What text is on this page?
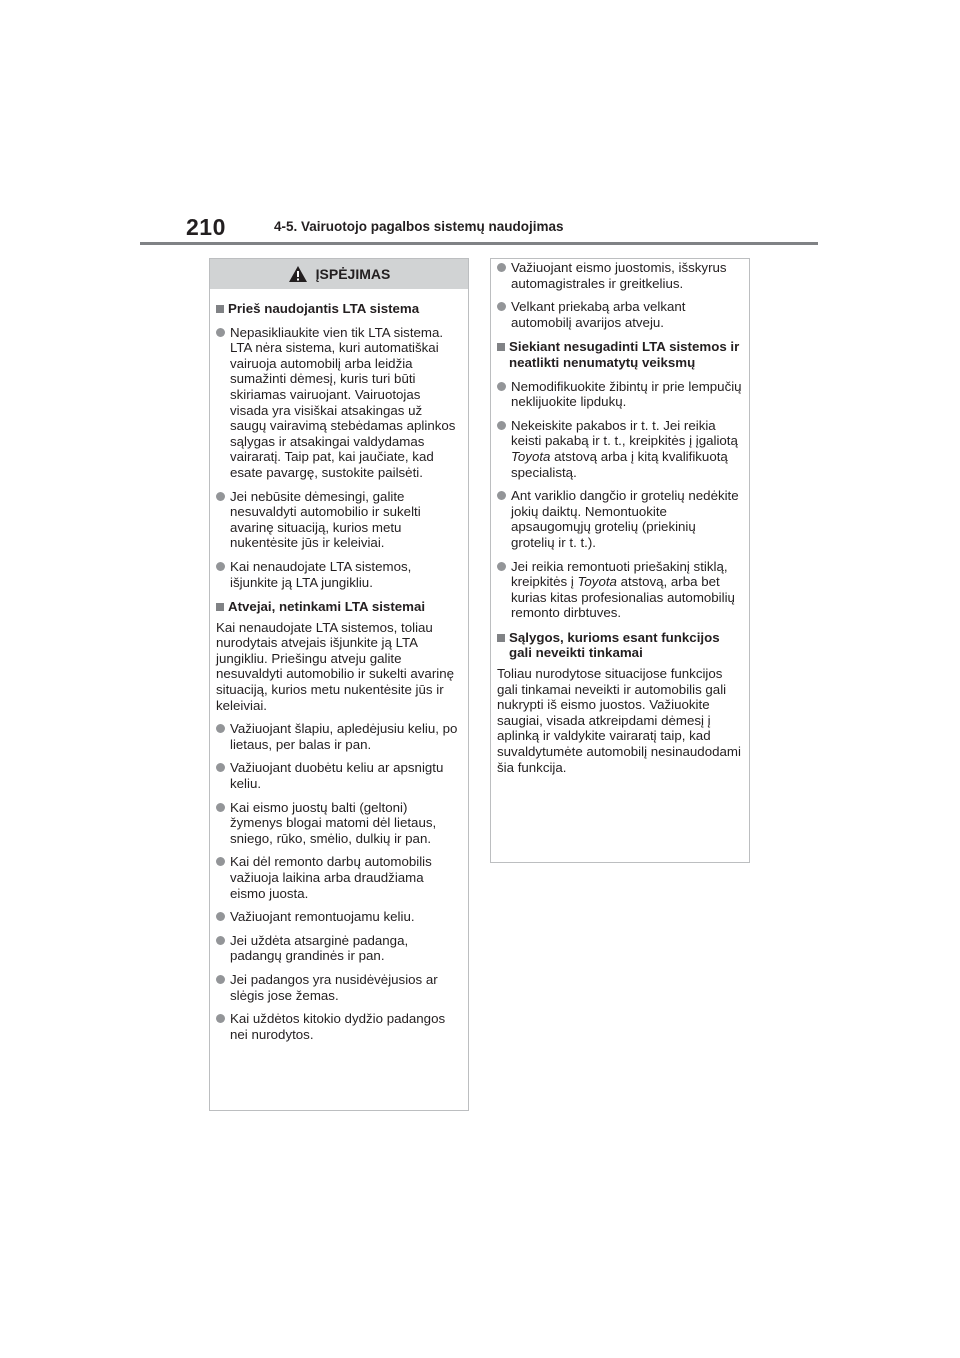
210	4-5. Vairuotojo pagalbos sistemų naudojimas
ĮSPĖJIMAS
Prieš naudojantis LTA sistema
Nepasikliaukite vien tik LTA sistema. LTA nėra sistema, kuri automatiškai vairuoja automobilį arba leidžia sumažinti dėmesį, kuris turi būti skiriamas vairuojant. Vairuotojas visada yra visiškai atsakingas už saugų vairavimą stebėdamas aplinkos sąlygas ir atsakingai valdydamas vairaratį. Taip pat, kai jaučiate, kad esate pavargę, sustokite pailsėti.
Jei nebūsite dėmesingi, galite nesuvaldyti automobilio ir sukelti avarinę situaciją, kurios metu nukentėsite jūs ir keleiviai.
Kai nenaudojate LTA sistemos, išjunkite ją LTA jungikliu.
Atvejai, netinkami LTA sistemai
Kai nenaudojate LTA sistemos, toliau nurodytais atvejais išjunkite ją LTA jungikliu. Priešingu atveju galite nesuvaldyti automobilio ir sukelti avarinę situaciją, kurios metu nukentėsite jūs ir keleiviai.
Važiuojant šlapiu, apledėjusiu keliu, po lietaus, per balas ir pan.
Važiuojant duobėtu keliu ar apsnigtu keliu.
Kai eismo juostų balti (geltoni) žymenys blogai matomi dėl lietaus, sniego, rūko, smėlio, dulkių ir pan.
Kai dėl remonto darbų automobilis važiuoja laikina arba draudžiama eismo juosta.
Važiuojant remontuojamu keliu.
Jei uždėta atsarginė padanga, padangų grandinės ir pan.
Jei padangos yra nusidėvėjusios ar slėgis jose žemas.
Kai uždėtos kitokio dydžio padangos nei nurodytos.
Važiuojant eismo juostomis, išskyrus automagistrales ir greitkelius.
Velkant priekabą arba velkant automobilį avarijos atveju.
Siekiant nesugadinti LTA sistemos ir neatlikti nenumatytų veiksmų
Nemodifikuokite žibintų ir prie lempučių neklijuokite lipdukų.
Nekeiskite pakabos ir t. t. Jei reikia keisti pakabą ir t. t., kreipkitės į įgaliotą Toyota atstovą arba į kitą kvalifikuotą specialistą.
Ant variklio dangčio ir grotelių nedėkite jokių daiktų. Nemontuokite apsaugomųjų grotelių (priekinių grotelių ir t. t.).
Jei reikia remontuoti priešakinį stiklą, kreipkitės į Toyota atstovą, arba bet kurias kitas profesionalias automobilių remonto dirbtuves.
Sąlygos, kurioms esant funkcijos gali neveikti tinkamai
Toliau nurodytose situacijose funkcijos gali tinkamai neveikti ir automobilis gali nukrypti iš eismo juostos. Važiuokite saugiai, visada atkreipdami dėmesį į aplinką ir valdykite vairaratį taip, kad suvaldytumėte automobilį nesinaudodami šia funkcija.
